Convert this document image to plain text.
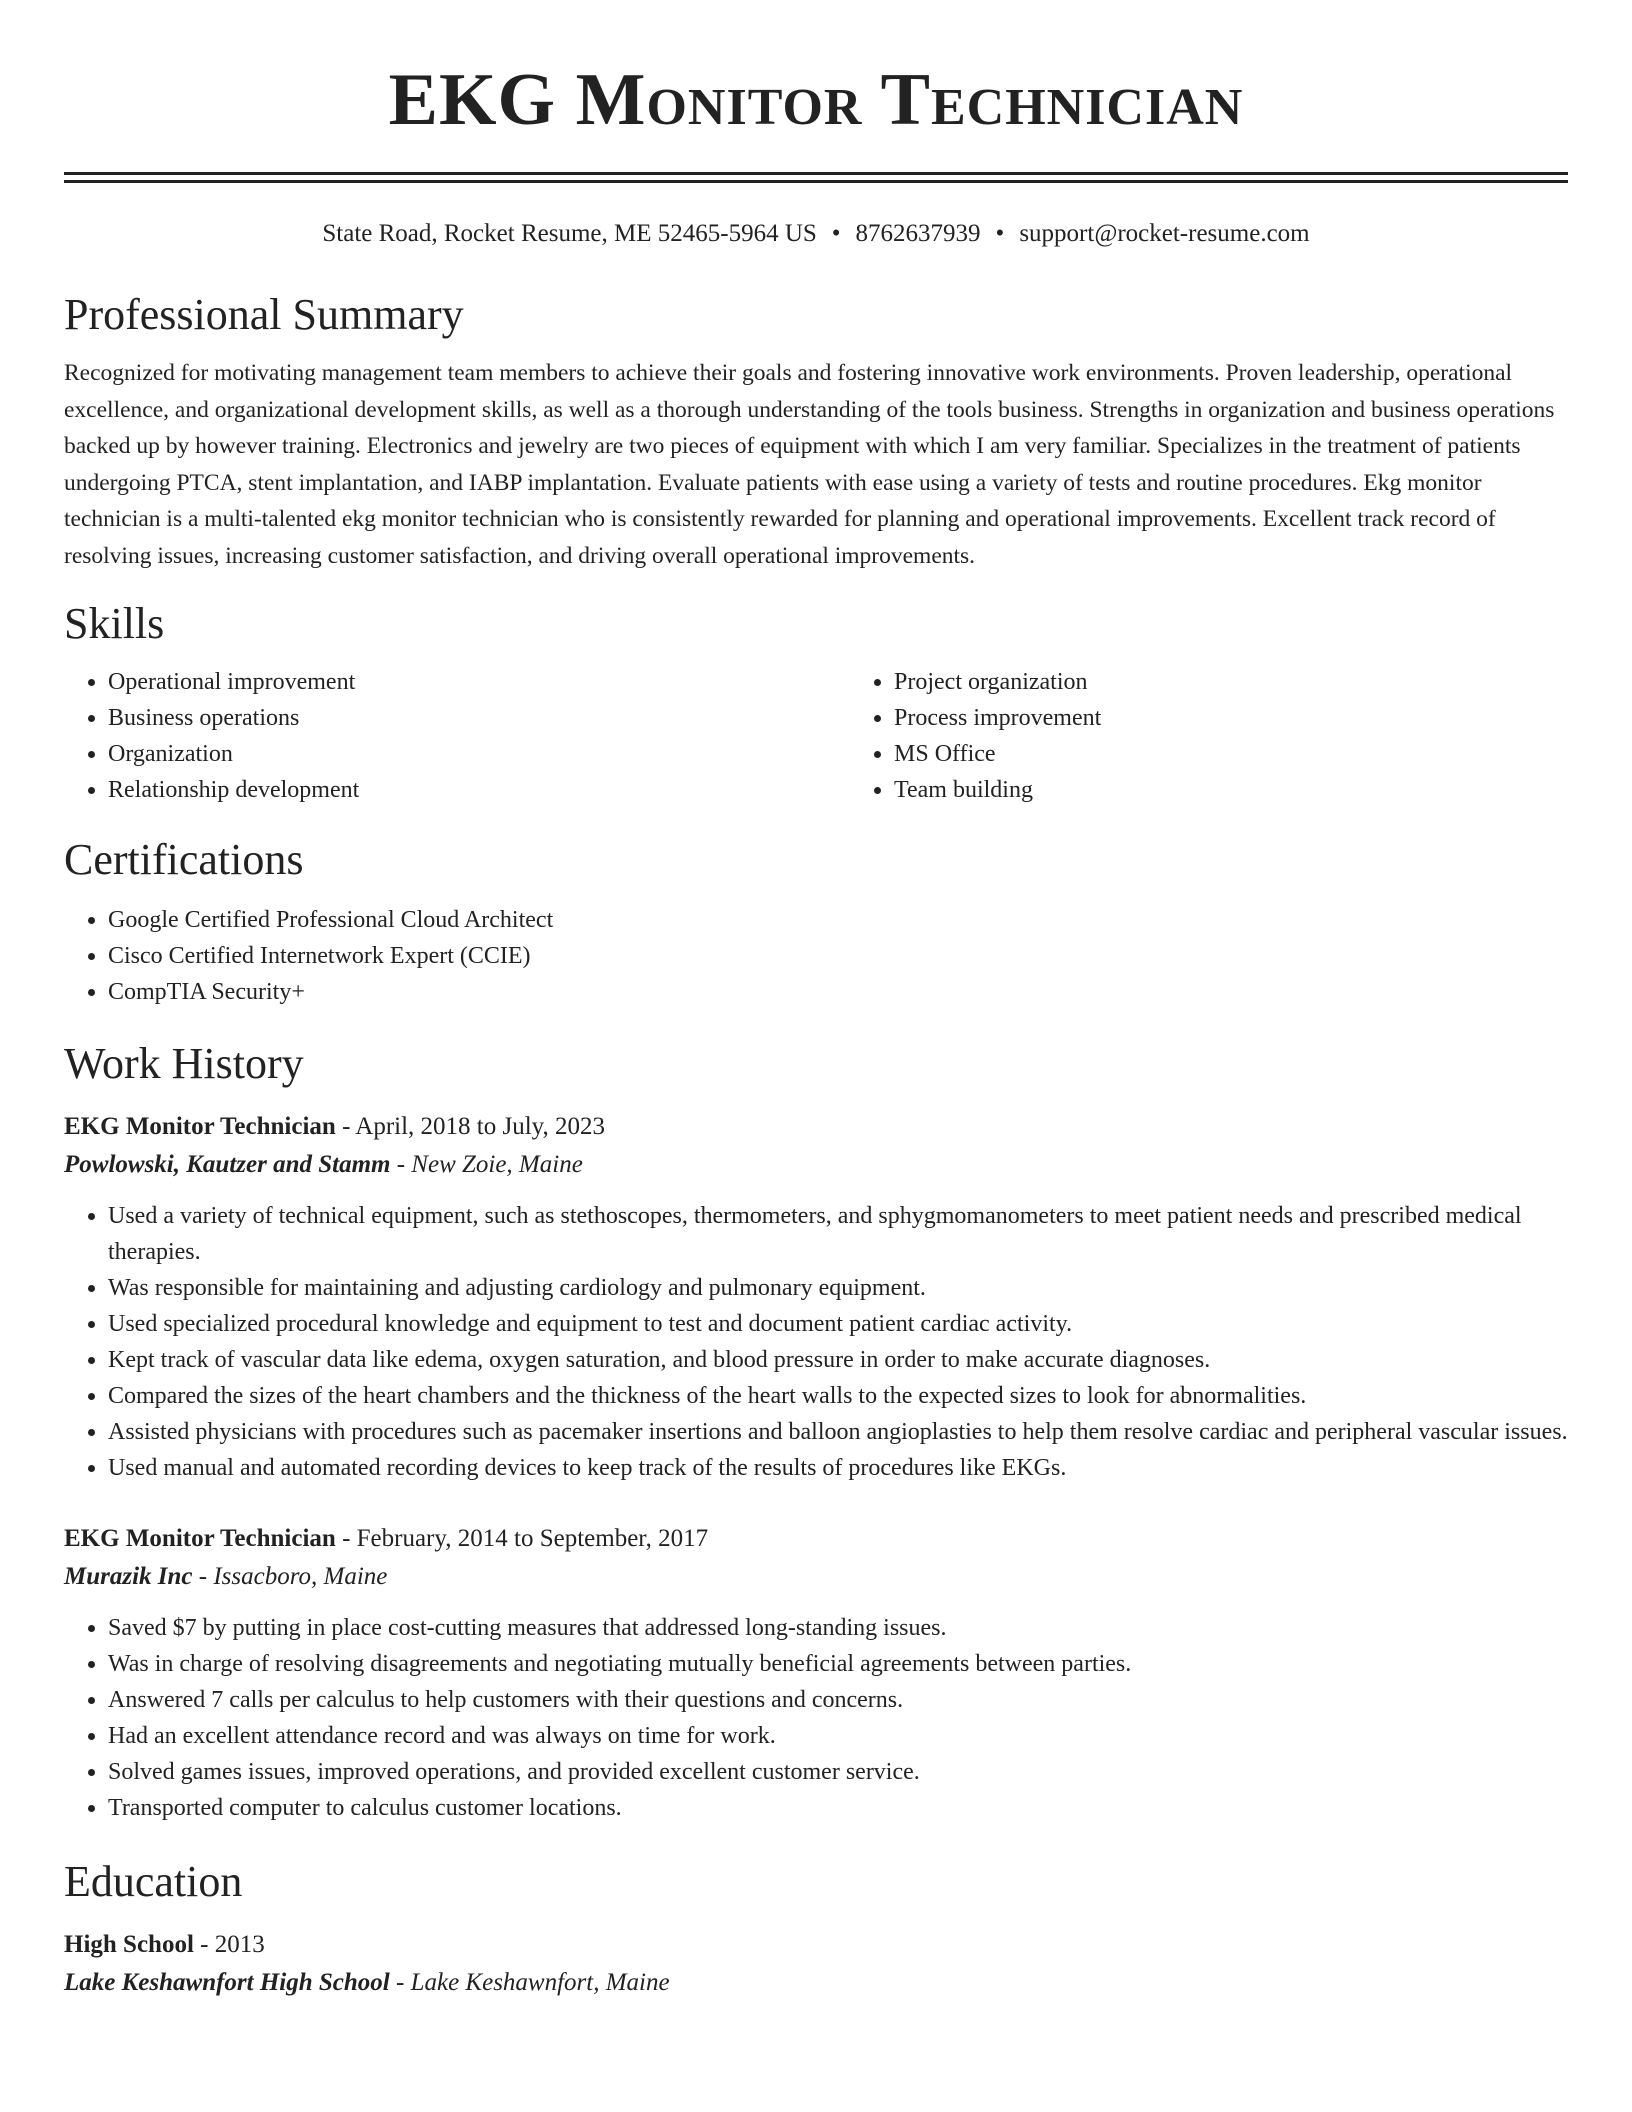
EKG Monitor Technician
State Road, Rocket Resume, ME 52465-5964 US • 8762637939 • support@rocket-resume.com
Professional Summary

Recognized for motivating management team members to achieve their goals and fostering innovative work environments. Proven leadership, operational excellence, and organizational development skills, as well as a thorough understanding of the tools business. Strengths in organization and business operations backed up by however training. Electronics and jewelry are two pieces of equipment with which I am very familiar. Specializes in the treatment of patients undergoing PTCA, stent implantation, and IABP implantation. Evaluate patients with ease using a variety of tests and routine procedures. Ekg monitor technician is a multi-talented ekg monitor technician who is consistently rewarded for planning and operational improvements. Excellent track record of resolving issues, increasing customer satisfaction, and driving overall operational improvements.

Skills
• Operational improvement
• Business operations
• Organization
• Relationship development
• Project organization
• Process improvement
• MS Office
• Team building
Certifications
• Google Certified Professional Cloud Architect
• Cisco Certified Internetwork Expert (CCIE)
• CompTIA Security+
Work History
EKG Monitor Technician - April, 2018 to July, 2023
Powlowski, Kautzer and Stamm - New Zoie, Maine
• Used a variety of technical equipment, such as stethoscopes, thermometers, and sphygmomanometers to meet patient needs and prescribed medical therapies.
• Was responsible for maintaining and adjusting cardiology and pulmonary equipment.
• Used specialized procedural knowledge and equipment to test and document patient cardiac activity.
• Kept track of vascular data like edema, oxygen saturation, and blood pressure in order to make accurate diagnoses.
• Compared the sizes of the heart chambers and the thickness of the heart walls to the expected sizes to look for abnormalities.
• Assisted physicians with procedures such as pacemaker insertions and balloon angioplasties to help them resolve cardiac and peripheral vascular issues.
• Used manual and automated recording devices to keep track of the results of procedures like EKGs.
EKG Monitor Technician - February, 2014 to September, 2017
Murazik Inc - Issacboro, Maine
• Saved $7 by putting in place cost-cutting measures that addressed long-standing issues.
• Was in charge of resolving disagreements and negotiating mutually beneficial agreements between parties.
• Answered 7 calls per calculus to help customers with their questions and concerns.
• Had an excellent attendance record and was always on time for work.
• Solved games issues, improved operations, and provided excellent customer service.
• Transported computer to calculus customer locations.
Education
High School - 2013
Lake Keshawnfort High School - Lake Keshawnfort, Maine
